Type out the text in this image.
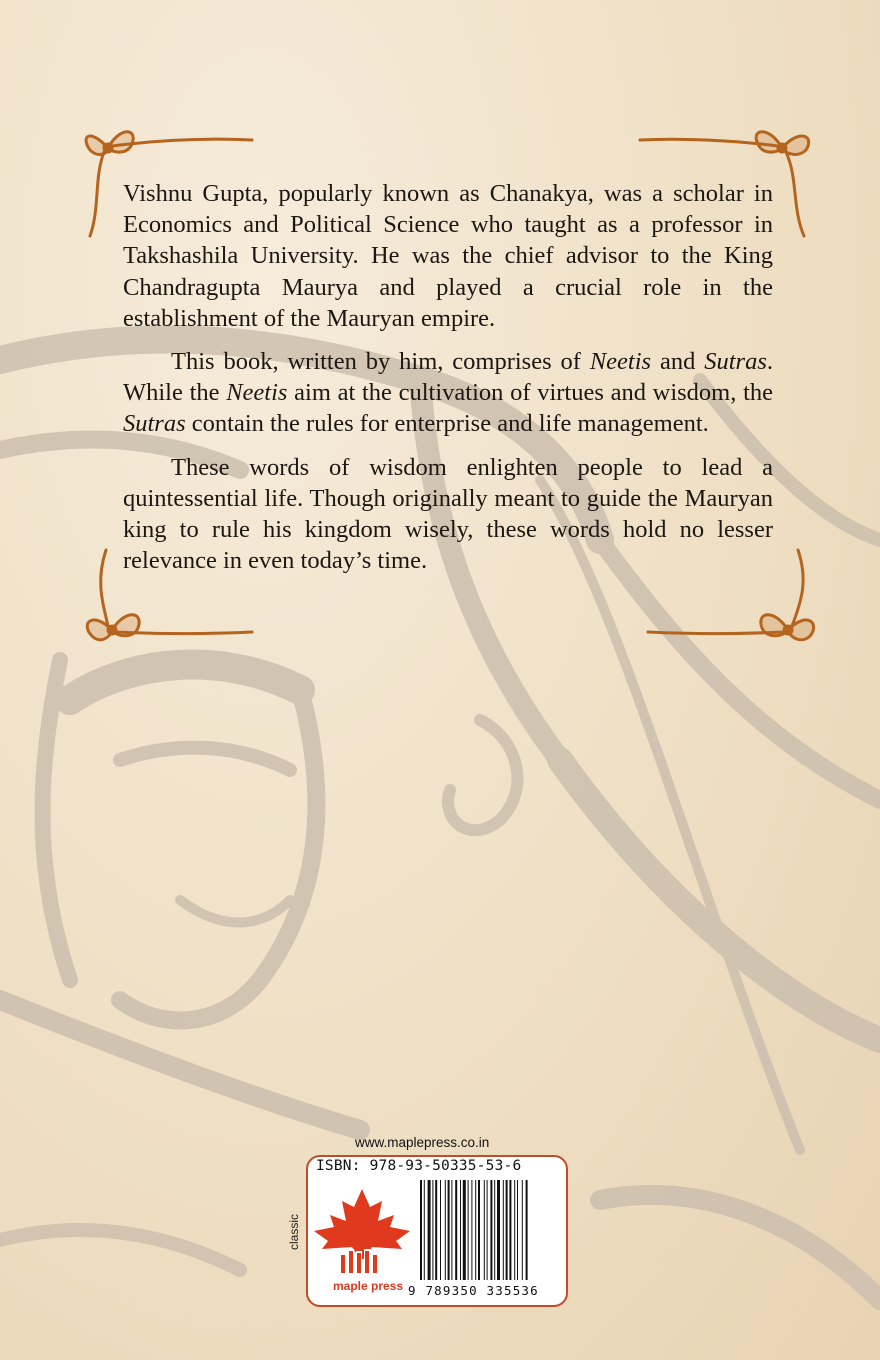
Vishnu Gupta, popularly known as Chanakya, was a scholar in Economics and Political Science who taught as a professor in Takshashila University. He was the chief advisor to the King Chandragupta Maurya and played a crucial role in the establishment of the Mauryan empire.

This book, written by him, comprises of Neetis and Sutras. While the Neetis aim at the cultivation of virtues and wisdom, the Sutras contain the rules for enterprise and life management.

These words of wisdom enlighten people to lead a quintessential life. Though originally meant to guide the Mauryan king to rule his kingdom wisely, these words hold no lesser relevance in even today’s time.

www.maplepress.co.in
classic
ISBN: 978-93-50335-53-6
maple press 9 789350 335536
